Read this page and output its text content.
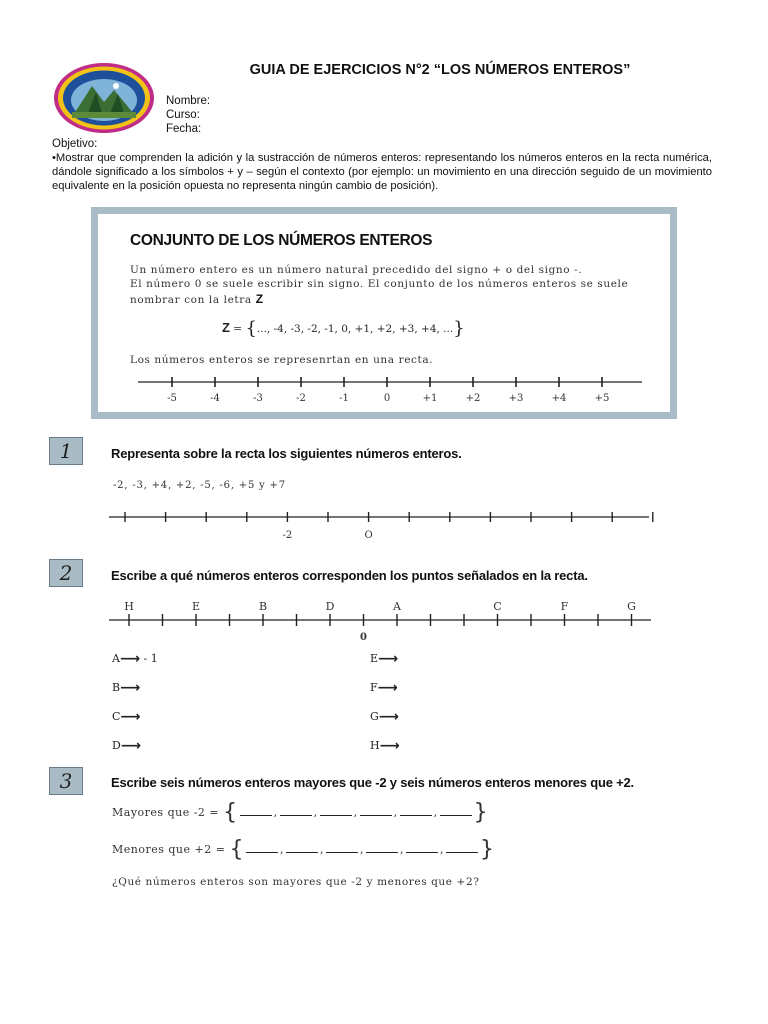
GUIA DE EJERCICIOS N°2 “LOS NÚMEROS ENTEROS”
Nombre:
Curso:
Fecha:
Objetivo:
•Mostrar que comprenden la adición y la sustracción de números enteros: representando los números enteros en la recta numérica, dándole significado a los símbolos + y – según el contexto (por ejemplo: un movimiento en una dirección seguido de un movimiento equivalente en la posición opuesta no representa ningún cambio de posición).
CONJUNTO DE LOS NÚMEROS ENTEROS
Un número entero es un número natural precedido del signo + o del signo -.
El número 0 se suele escribir sin signo. El conjunto de los números enteros se suele
nombrar con la letra Z
Z = {..., -4, -3, -2, -1, 0, +1, +2, +3, +4, ...}
Los números enteros se represenrtan en una recta.
-5	-4	-3	-2	-1	0	+1	+2	+3	+4	+5
1	Representa sobre la recta los siguientes números enteros.
-2, -3, +4, +2, -5, -6, +5 y +7
-2	O
2	Escribe a qué números enteros corresponden los puntos señalados en la recta.
H	E	B	D	A	C	F	G
0
A⟶ - 1
B⟶
C⟶
D⟶
E⟶
F⟶
G⟶
H⟶
3	Escribe seis números enteros mayores que -2 y seis números enteros menores que +2.
Mayores que -2 = {	,	,	,	,	, }
Menores que +2 = {	,	,	,	,	, }
¿Qué números enteros son mayores que -2 y menores que +2?
